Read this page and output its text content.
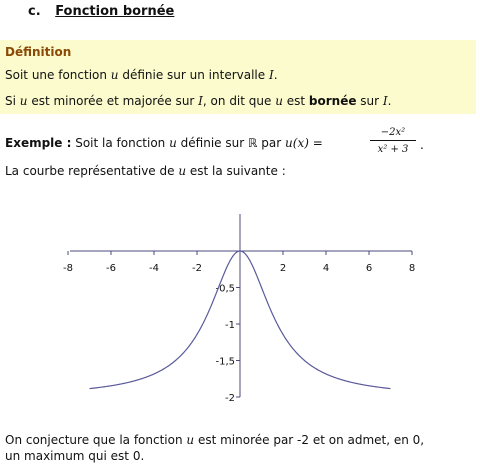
c. Fonction bornée
Définition
Soit une fonction u définie sur un intervalle I.
Si u est minorée et majorée sur I, on dit que u est bornée sur I.
Exemple : Soit la fonction u définie sur ℝ par u(x) =	$\frac{\text{−2x²}}{\text{x² + 3}}$ .
La courbe représentative de u est la suivante :
-8	-6	-4	-2	2	4	6	8
-0,5
-1
-1,5
-2
On conjecture que la fonction u est minorée par -2 et on admet, en 0,
un maximum qui est 0.
